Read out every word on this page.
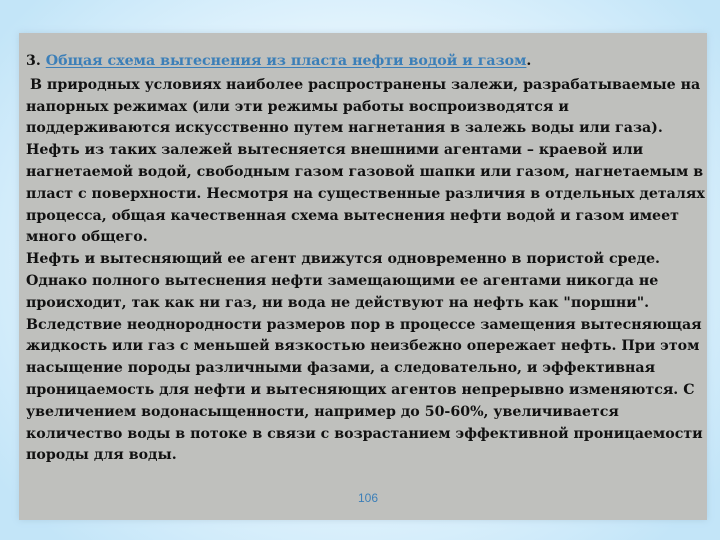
3. Общая схема вытеснения из пласта нефти водой и газом.
В природных условиях наиболее распространены залежи, разрабатываемые на
напорных режимах (или эти режимы работы воспроизводятся и
поддерживаются искусственно путем нагнетания в залежь воды или газа).
Нефть из таких залежей вытесняется внешними агентами – краевой или
нагнетаемой водой, свободным газом газовой шапки или газом, нагнетаемым в
пласт с поверхности. Несмотря на существенные различия в отдельных деталях
процесса, общая качественная схема вытеснения нефти водой и газом имеет
много общего.
Нефть и вытесняющий ее агент движутся одновременно в пористой среде.
Однако полного вытеснения нефти замещающими ее агентами никогда не
происходит, так как ни газ, ни вода не действуют на нефть как "поршни".
Вследствие неоднородности размеров пор в процессе замещения вытесняющая
жидкость или газ с меньшей вязкостью неизбежно опережает нефть. При этом
насыщение породы различными фазами, а следовательно, и эффективная
проницаемость для нефти и вытесняющих агентов непрерывно изменяются. С
увеличением водонасыщенности, например до 50-60%, увеличивается
количество воды в потоке в связи с возрастанием эффективной проницаемости
породы для воды.
106
